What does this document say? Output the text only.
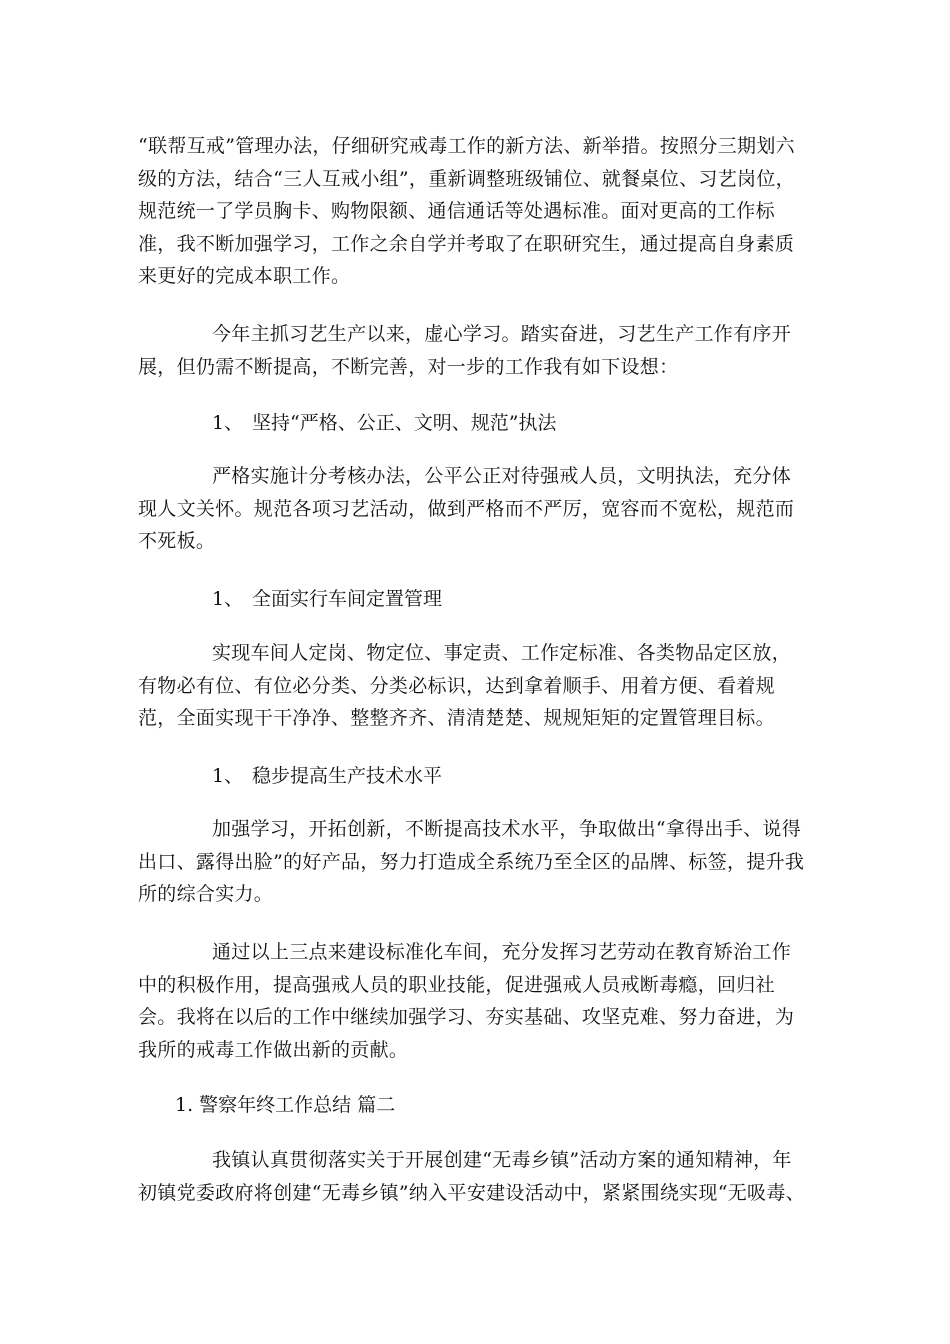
“联帮互戒”管理办法，仔细研究戒毒工作的新方法、新举措。按照分三期划六级的方法，结合“三人互戒小组”，重新调整班级铺位、就餐桌位、习艺岗位，规范统一了学员胸卡、购物限额、通信通话等处遇标准。面对更高的工作标准，我不断加强学习，工作之余自学并考取了在职研究生，通过提高自身素质来更好的完成本职工作。

今年主抓习艺生产以来，虚心学习。踏实奋进，习艺生产工作有序开展，但仍需不断提高，不断完善，对一步的工作我有如下设想：

1、 坚持“严格、公正、文明、规范”执法

严格实施计分考核办法，公平公正对待强戒人员，文明执法，充分体现人文关怀。规范各项习艺活动，做到严格而不严厉，宽容而不宽松，规范而不死板。

1、 全面实行车间定置管理

实现车间人定岗、物定位、事定责、工作定标准、各类物品定区放，有物必有位、有位必分类、分类必标识，达到拿着顺手、用着方便、看着规范，全面实现干干净净、整整齐齐、清清楚楚、规规矩矩的定置管理目标。

1、 稳步提高生产技术水平

加强学习，开拓创新，不断提高技术水平，争取做出“拿得出手、说得出口、露得出脸”的好产品，努力打造成全系统乃至全区的品牌、标签，提升我所的综合实力。

通过以上三点来建设标准化车间，充分发挥习艺劳动在教育矫治工作中的积极作用，提高强戒人员的职业技能，促进强戒人员戒断毒瘾，回归社会。我将在以后的工作中继续加强学习、夯实基础、攻坚克难、努力奋进，为我所的戒毒工作做出新的贡献。

1. 警察年终工作总结 篇二

我镇认真贯彻落实关于开展创建“无毒乡镇”活动方案的通知精神，年初镇党委政府将创建“无毒乡镇”纳入平安建设活动中，紧紧围绕实现“无吸毒、
